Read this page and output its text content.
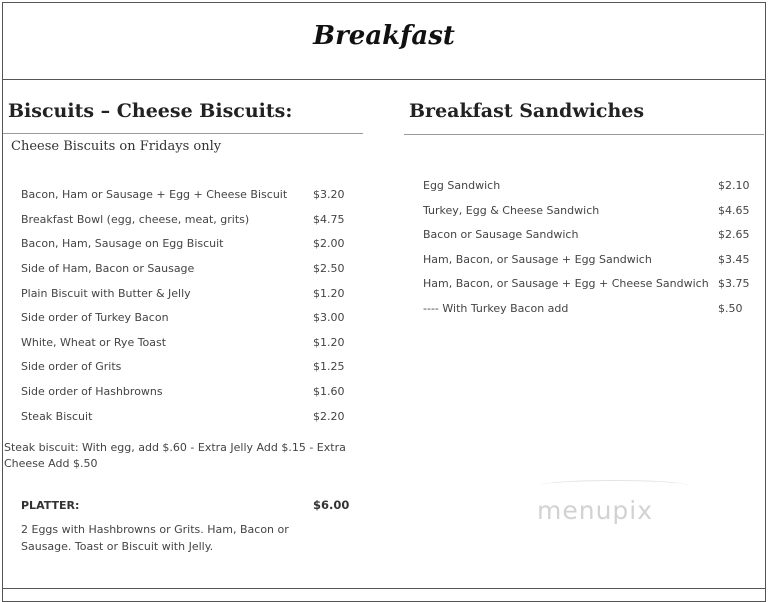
Breakfast
Biscuits – Cheese Biscuits:
Cheese Biscuits on Fridays only
Bacon, Ham or Sausage + Egg + Cheese Biscuit $3.20
Breakfast Bowl (egg, cheese, meat, grits)	$4.75
Bacon, Ham, Sausage on Egg Biscuit	$2.00
Side of Ham, Bacon or Sausage	$2.50
Plain Biscuit with Butter & Jelly	$1.20
Side order of Turkey Bacon	$3.00
White, Wheat or Rye Toast	$1.20
Side order of Grits	$1.25
Side order of Hashbrowns	$1.60
Steak Biscuit	$2.20
Steak biscuit: With egg, add $.60 - Extra Jelly Add $.15 - Extra Cheese Add $.50
PLATTER:	$6.00
2 Eggs with Hashbrowns or Grits. Ham, Bacon or Sausage. Toast or Biscuit with Jelly.
Breakfast Sandwiches
Egg Sandwich	$2.10
Turkey, Egg & Cheese Sandwich	$4.65
Bacon or Sausage Sandwich	$2.65
Ham, Bacon, or Sausage + Egg Sandwich	$3.45
Ham, Bacon, or Sausage + Egg + Cheese Sandwich $3.75
---- With Turkey Bacon add	$.50
menupix
